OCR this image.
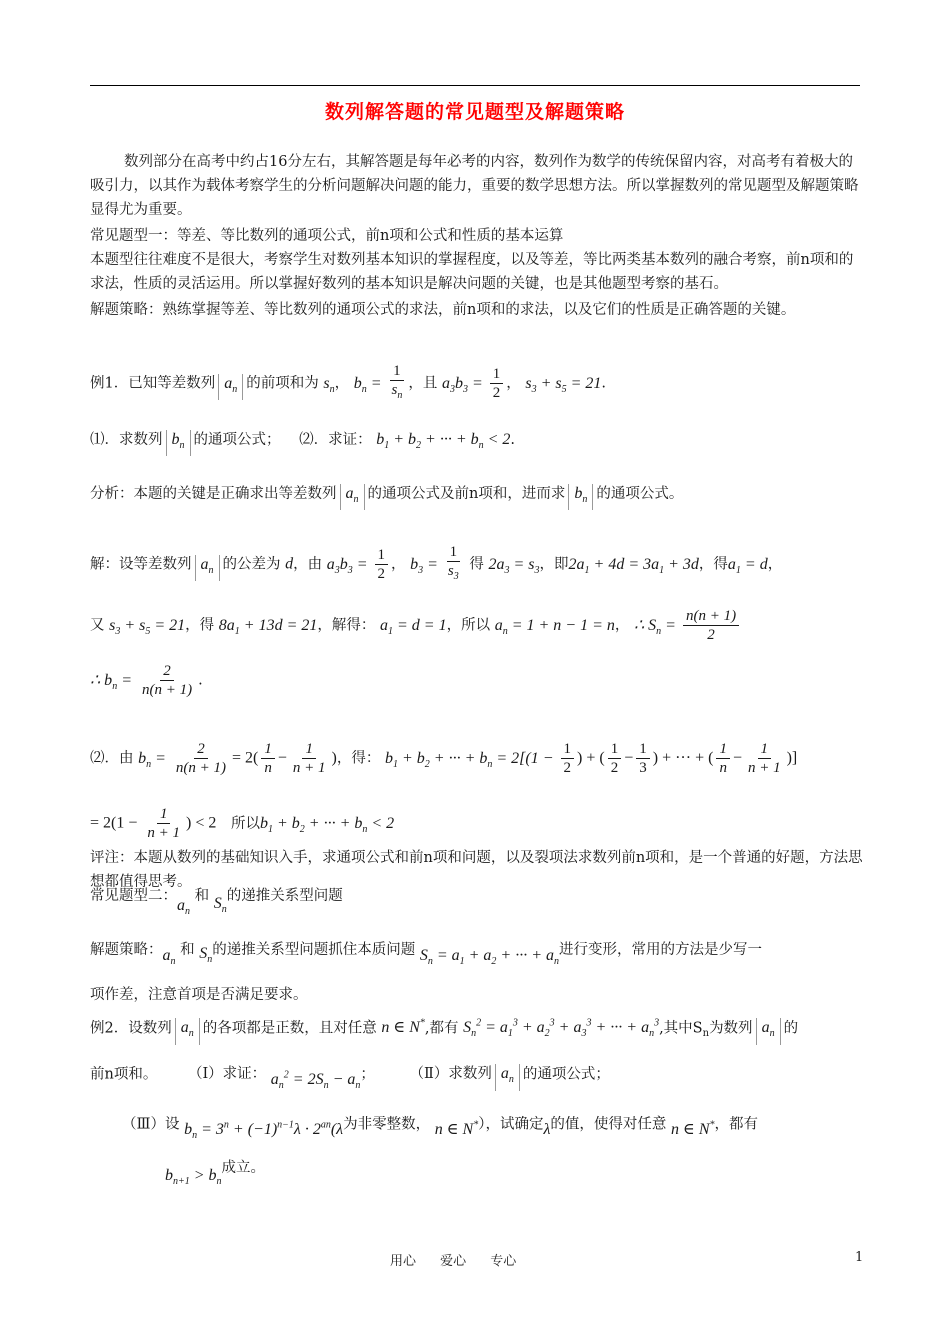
数列解答题的常见题型及解题策略
数列部分在高考中约占16分左右，其解答题是每年必考的内容，数列作为数学的传统保留内容，对高考有着极大的吸引力，以其作为载体考察学生的分析问题解决问题的能力，重要的数学思想方法。所以掌握数列的常见题型及解题策略显得尤为重要。
常见题型一：等差、等比数列的通项公式，前n项和公式和性质的基本运算
本题型往往难度不是很大，考察学生对数列基本知识的掌握程度，以及等差，等比两类基本数列的融合考察，前n项和的求法，性质的灵活运用。所以掌握好数列的基本知识是解决问题的关键，也是其他题型考察的基石。
解题策略：熟练掌握等差、等比数列的通项公式的求法，前n项和的求法，以及它们的性质是正确答题的关键。
例1．已知等差数列 $a_n$ 的前项和为 $s_n$， $b_n = \frac{1}{s_n}$ ，且 $a_3b_3 = \frac{1}{2}$ ， $s_3 + s_5 = 21$.
⑴．求数列 $b_n$ 的通项公式； ⑵．求证： $b_1 + b_2$ + ··· + $b_n < 2$.
分析：本题的关键是正确求出等差数列 $a_n$ 的通项公式及前n项和，进而求 $b_n$ 的通项公式。
解：设等差数列 $a_n$ 的公差为 d，由 $a_3b_3 = \frac{1}{2}$ ， $b_3 = \frac{1}{s_3}$ 得 $2a_3 = s_3$，即$2a_1 + 4d = 3a_1 + 3d$，得$a_1 = d$，
又 $s_3 + s_5 = 21$，得 $8a_1 + 13d = 21$，解得： $a_1 = d = 1$，所以 $a_n = 1 + n - 1 = n$， ∴ $S_n = \frac{n(n + 1)}{2}$
∴ $b_n = \frac{2}{n(n + 1)}$ .
⑵．由 $b_n = \frac{2}{n(n + 1)} = 2( \frac{1}{n} - \frac{1}{n + 1}$ )，得： $b_1 + b_2$ + ··· + $b_n = 2[(1 - \frac{1}{2}$ ) + ( $\frac{1}{2} - \frac{1}{3}$ ) + ··· + ( $\frac{1}{n} - \frac{1}{n + 1}$ )]
= $2(1 - \frac{1}{n + 1}$ ) < 2 所以$b_1 + b_2$ + ··· + $b_n < 2$
评注：本题从数列的基础知识入手，求通项公式和前n项和问题，以及裂项法求数列前n项和，是一个普通的好题，方法思想都值得思考。
常见题型二：$a_n$ 和 $S_n$的递推关系型问题
解题策略：$a_n$ 和 $S_n$的递推关系型问题抓住本质问题 $S_n = a_1 + a_2$ + ··· + $a_n$进行变形，常用的方法是少写一
项作差，注意首项是否满足要求。
例2．设数列 $a_n$ 的各项都是正数，且对任意 n ∈ N*,都有 $S_n^2 = a_1^3 + a_2^3 + a_3^3$ + ··· + $a_n^3$,其中$S_n$为数列 $a_n$ 的
前n项和。 （Ⅰ）求证： $a_n^2 = 2S_n - a_n$； （Ⅱ）求数列 $a_n$ 的通项公式；
（Ⅲ）设 $b_n = 3^n + (-1)^{n-1}\lambda \cdot 2^{an}(\lambda$为非零整数， n ∈ N*），试确定λ的值，使得对任意 n ∈ N*，都有
$b_{n+1} > b_n$成立。
用心 爱心 专心	1
